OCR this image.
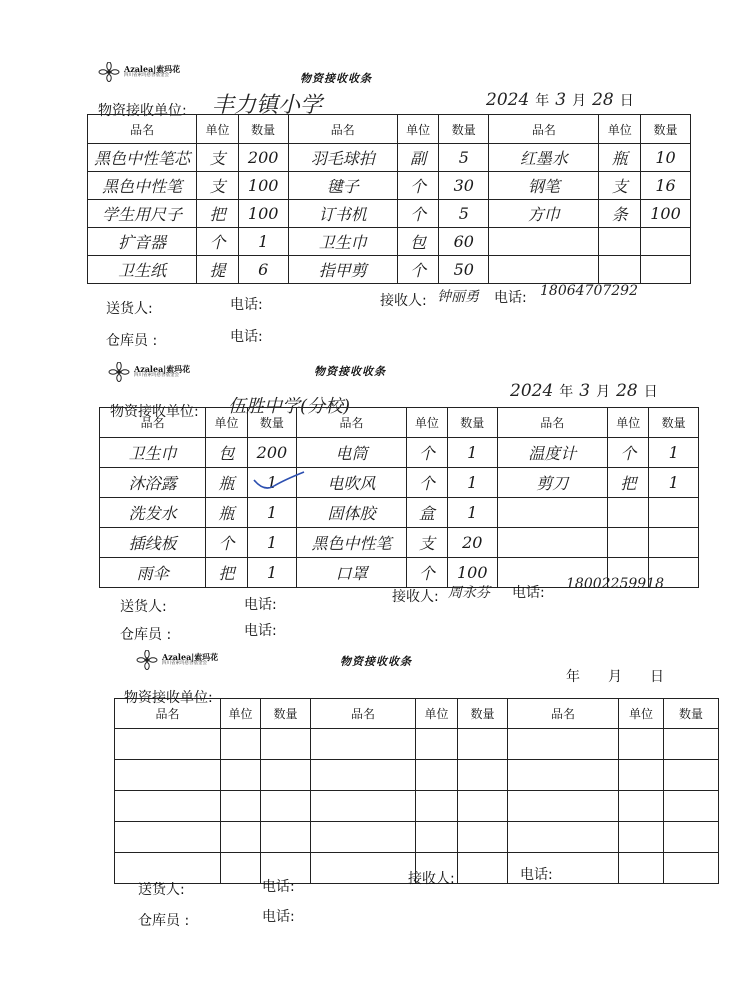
Azalea|索玛花
四川省索玛慈善基金会	物资接收收条
物资接收单位: 丰力镇小学	2024 年 3 月 28 日
品名	单位	数量	品名	单位	数量	品名	单位	数量
黑色中性笔芯	支	200	羽毛球拍	副	5	红墨水	瓶	10
黑色中性笔	支	100	毽子	个	30	钢笔	支	16
学生用尺子	把	100	订书机	个	5	方巾	条	100
扩音器	个	1	卫生巾	包	60			
卫生纸	提	6	指甲剪	个	50			
送货人:	电话:	接收人: 钟丽勇 电话: 18064707292
仓库员 :	电话:
Azalea|索玛花
四川省索玛慈善基金会	物资接收收条
物资接收单位: 伍胜中学(分校)
2024 年 3 月 28 日
品名	单位	数量	品名	单位	数量	品名	单位	数量
卫生巾	包	200	电筒	个	1	温度计	个	1
沐浴露	瓶	1	电吹风	个	1	剪刀	把	1
洗发水	瓶	1	固体胶	盒	1			
插线板	个	1	黑色中性笔	支	20			
雨伞	把	1	口罩	个	100			
送货人:	电话:	接收人: 周永芬 电话:
18002259918
仓库员 :	电话:
Azalea|索玛花
四川省索玛慈善基金会	物资接收收条
物资接收单位:
年 月 日
品名	单位	数量	品名	单位	数量	品名	单位	数量

送货人:	电话:	接收人:	电话:
仓库员 :	电话:
